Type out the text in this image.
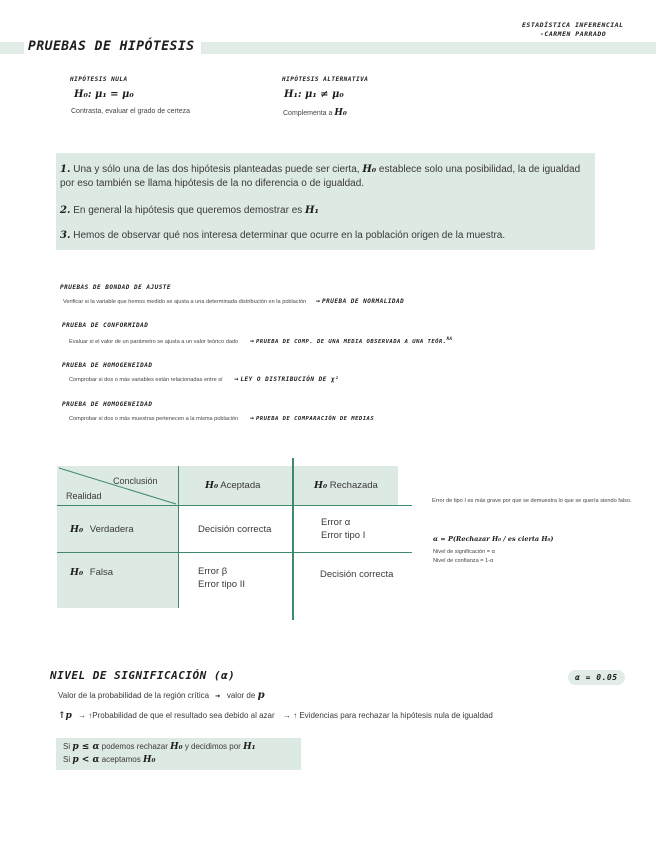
ESTADÍSTICA INFERENCIAL
-CARMEN PARRADO
PRUEBAS DE HIPÓTESIS
HIPÓTESIS NULA
H₀: μ₁ = μ₀
Contrasta, evaluar el grado de certeza
HIPÓTESIS ALTERNATIVA
H₁: μ₁ ≠ μ₀
Complementa a H₀
1. Una y sólo una de las dos hipótesis planteadas puede ser cierta, H₀ establece solo una posibilidad, la de igualdad por eso también se llama hipótesis de la no diferencia o de igualdad.
2. En general la hipótesis que queremos demostrar es H₁
3. Hemos de observar qué nos interesa determinar que ocurre en la población origen de la muestra.
PRUEBAS DE BONDAD DE AJUSTE
Verificar si la variable que hemos medido se ajusta a una determinada distribución en la población → PRUEBA DE NORMALIDAD
PRUEBA DE CONFORMIDAD
Evaluar si el valor de un parámetro se ajusta a un valor teórico dado → PRUEBA DE COMP. DE UNA MEDIA OBSERVADA A UNA TEÓR.$^{NA}$
PRUEBA DE HOMOGENEIDAD
Comprobar si dos o más variables están relacionadas entre sí → LEY O DISTRIBUCIÓN DE χ²
PRUEBA DE HOMOGENEIDAD
Comprobar si dos o más muestras pertenecen a la misma población → PRUEBA DE COMPARACIÓN DE MEDIAS
Conclusión
Realidad
H₀ Aceptada	H₀ Rechazada
H₀ Verdadera
H₀ Falsa
Decisión correcta
Error α
Error tipo I
Error β
Error tipo II
Decisión correcta
Error de tipo I es más grave por que se demuestra lo que se quería siendo falso.
α = P(Rechazar H₀ / es cierta H₀)
Nivel de significación = α
Nivel de confianza = 1-α
NIVEL DE SIGNIFICACIÓN (α)	α = 0.05
Valor de la probabilidad de la región crítica → valor de p
↑p → ↑Probabilidad de que el resultado sea debido al azar → ↑ Evidencias para rechazar la hipótesis nula de igualdad
Si p ≤ α podemos rechazar H₀ y decidimos por H₁
Si p < α aceptamos H₀
